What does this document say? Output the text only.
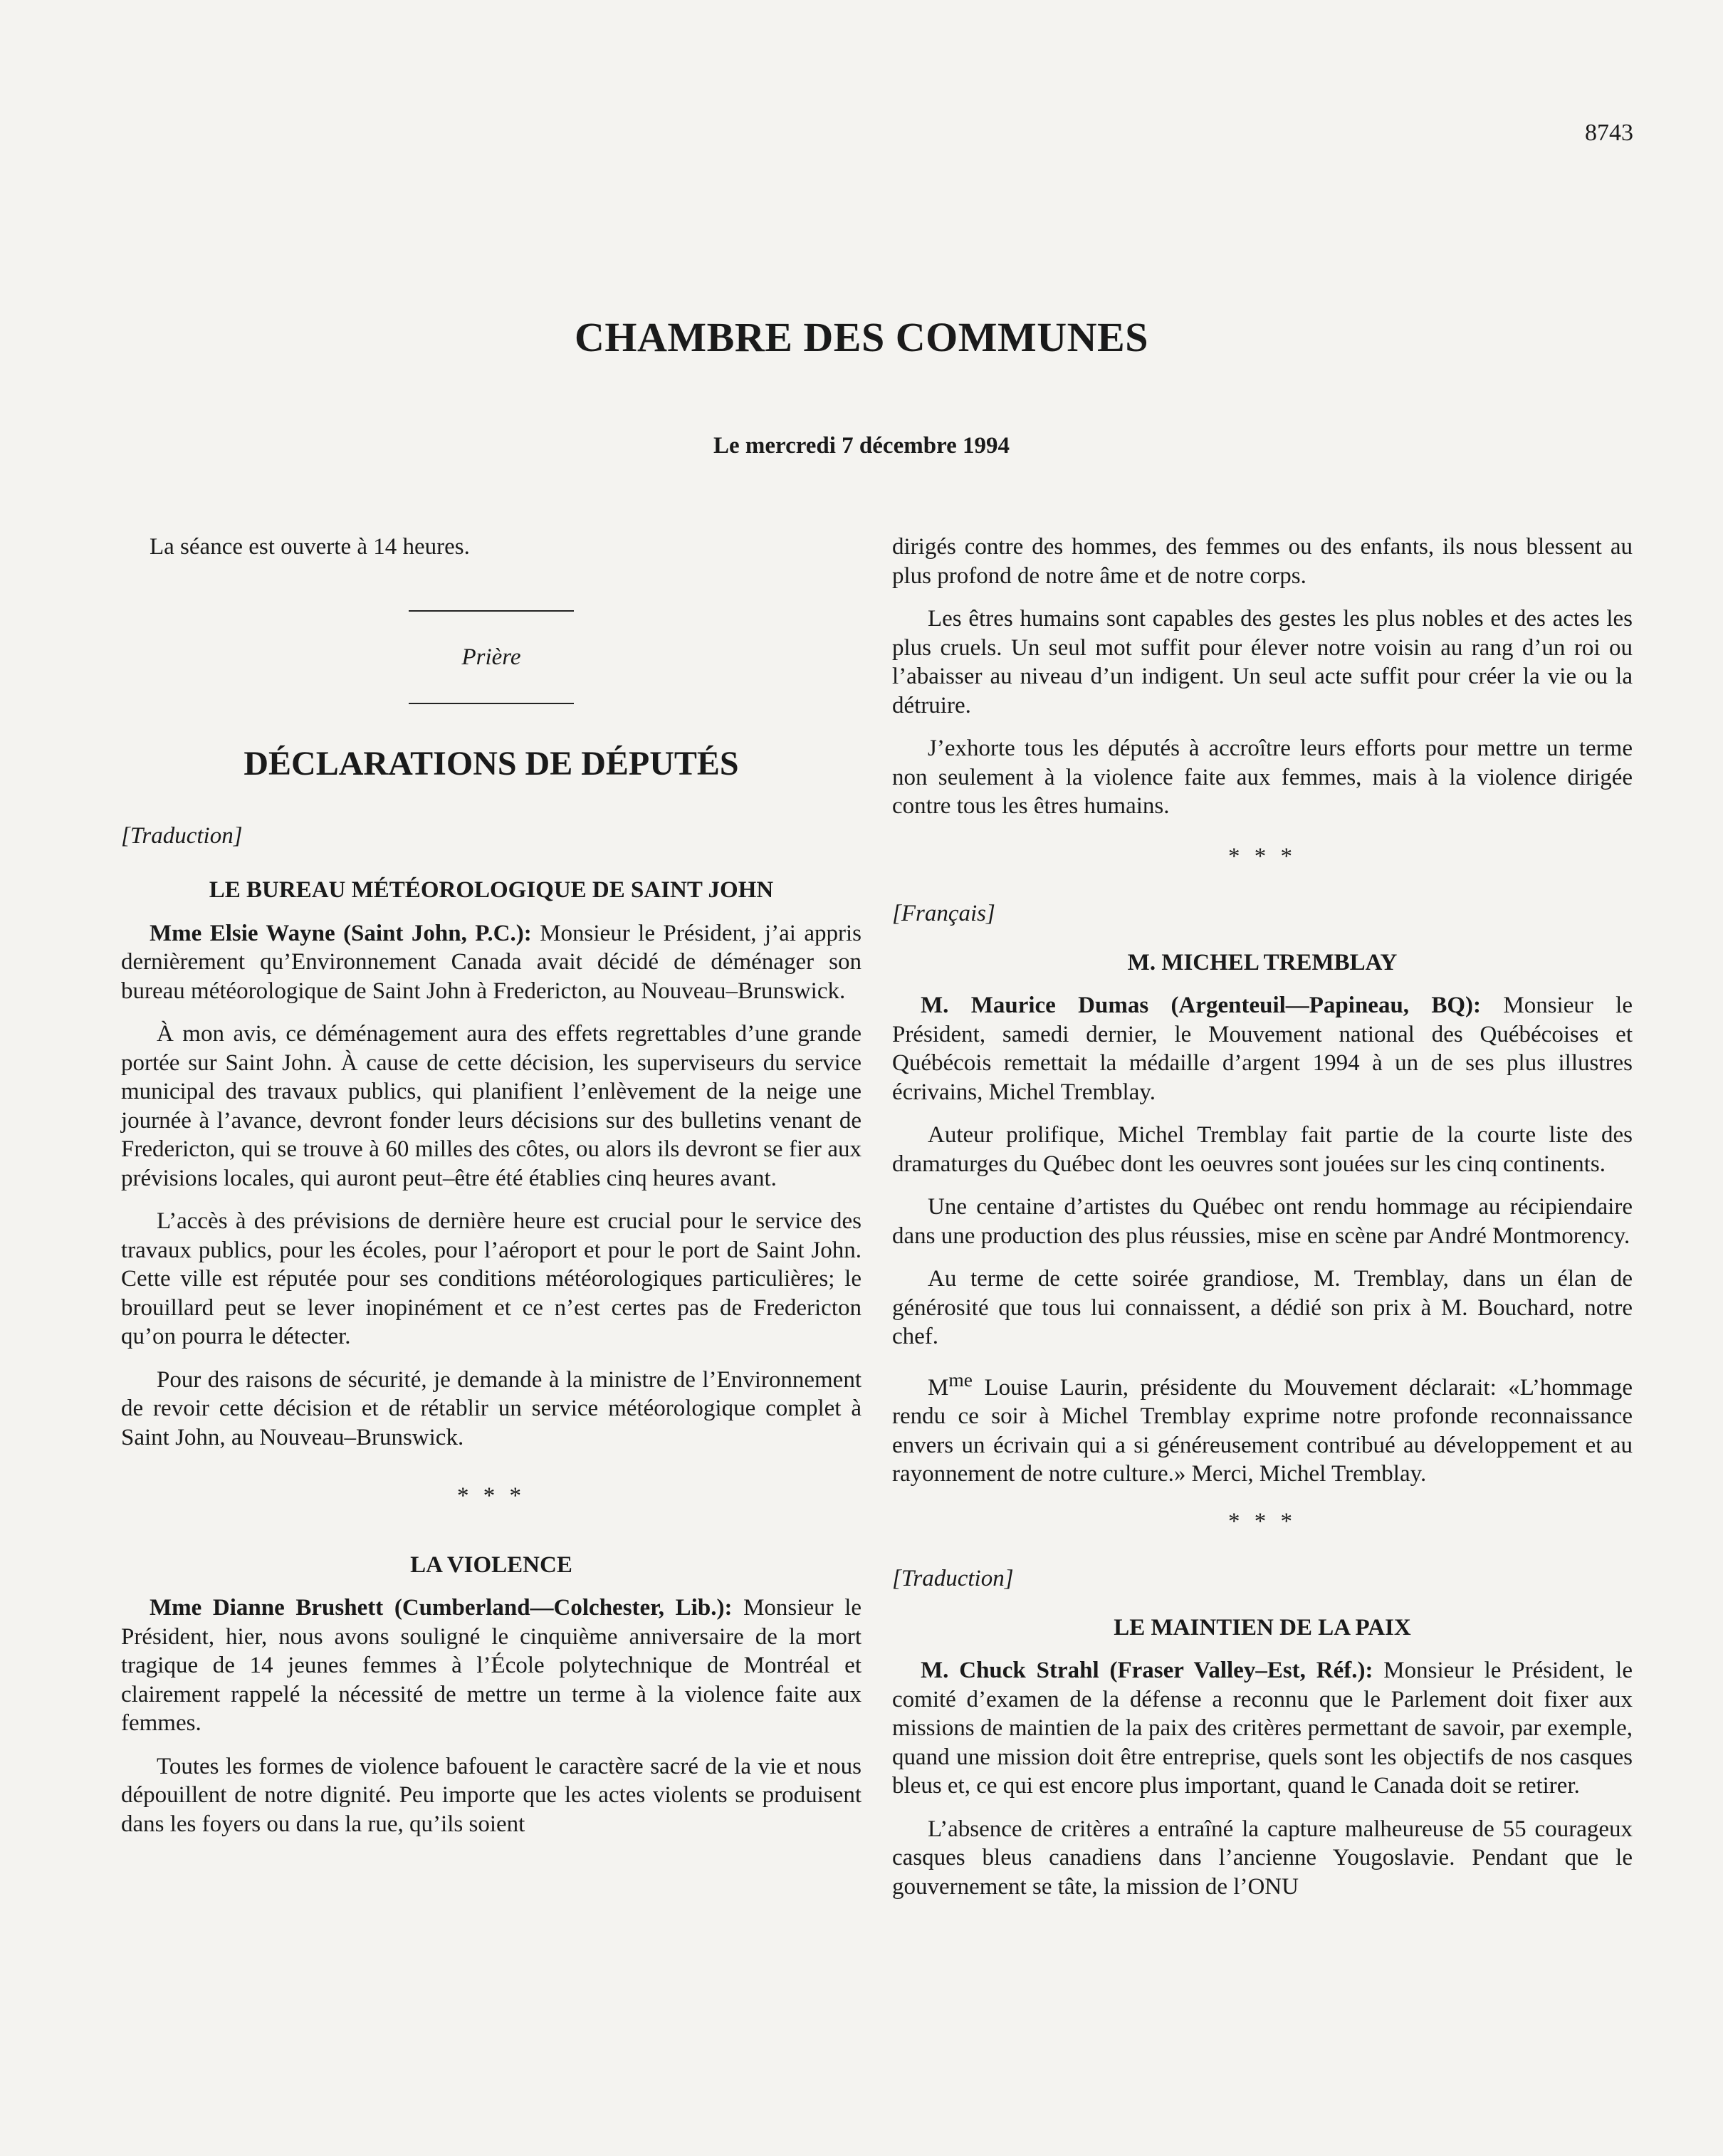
8743
CHAMBRE DES COMMUNES
Le mercredi 7 décembre 1994

La séance est ouverte à 14 heures.

Prière
DÉCLARATIONS DE DÉPUTÉS
[Traduction]
LE BUREAU MÉTÉOROLOGIQUE DE SAINT JOHN

Mme Elsie Wayne (Saint John, P.C.): Monsieur le Président, j’ai appris dernièrement qu’Environnement Canada avait décidé de déménager son bureau météorologique de Saint John à Fredericton, au Nouveau–Brunswick.

À mon avis, ce déménagement aura des effets regrettables d’une grande portée sur Saint John. À cause de cette décision, les superviseurs du service municipal des travaux publics, qui planifient l’enlèvement de la neige une journée à l’avance, devront fonder leurs décisions sur des bulletins venant de Fredericton, qui se trouve à 60 milles des côtes, ou alors ils devront se fier aux prévisions locales, qui auront peut–être été établies cinq heures avant.

L’accès à des prévisions de dernière heure est crucial pour le service des travaux publics, pour les écoles, pour l’aéroport et pour le port de Saint John. Cette ville est réputée pour ses conditions météorologiques particulières; le brouillard peut se lever inopinément et ce n’est certes pas de Fredericton qu’on pourra le détecter.

Pour des raisons de sécurité, je demande à la ministre de l’Environnement de revoir cette décision et de rétablir un service météorologique complet à Saint John, au Nouveau–Brunswick.

* * *
LA VIOLENCE

Mme Dianne Brushett (Cumberland—Colchester, Lib.): Monsieur le Président, hier, nous avons souligné le cinquième anniversaire de la mort tragique de 14 jeunes femmes à l’École polytechnique de Montréal et clairement rappelé la nécessité de mettre un terme à la violence faite aux femmes.

Toutes les formes de violence bafouent le caractère sacré de la vie et nous dépouillent de notre dignité. Peu importe que les actes violents se produisent dans les foyers ou dans la rue, qu’ils soient

dirigés contre des hommes, des femmes ou des enfants, ils nous blessent au plus profond de notre âme et de notre corps.

Les êtres humains sont capables des gestes les plus nobles et des actes les plus cruels. Un seul mot suffit pour élever notre voisin au rang d’un roi ou l’abaisser au niveau d’un indigent. Un seul acte suffit pour créer la vie ou la détruire.

J’exhorte tous les députés à accroître leurs efforts pour mettre un terme non seulement à la violence faite aux femmes, mais à la violence dirigée contre tous les êtres humains.

* * *
[Français]
M. MICHEL TREMBLAY

M. Maurice Dumas (Argenteuil—Papineau, BQ): Monsieur le Président, samedi dernier, le Mouvement national des Québécoises et Québécois remettait la médaille d’argent 1994 à un de ses plus illustres écrivains, Michel Tremblay.

Auteur prolifique, Michel Tremblay fait partie de la courte liste des dramaturges du Québec dont les oeuvres sont jouées sur les cinq continents.

Une centaine d’artistes du Québec ont rendu hommage au récipiendaire dans une production des plus réussies, mise en scène par André Montmorency.

Au terme de cette soirée grandiose, M. Tremblay, dans un élan de générosité que tous lui connaissent, a dédié son prix à M. Bouchard, notre chef.

$M^{me}$ Louise Laurin, présidente du Mouvement déclarait: «L’hommage rendu ce soir à Michel Tremblay exprime notre profonde reconnaissance envers un écrivain qui a si généreusement contribué au développement et au rayonnement de notre culture.» Merci, Michel Tremblay.

* * *
[Traduction]
LE MAINTIEN DE LA PAIX

M. Chuck Strahl (Fraser Valley–Est, Réf.): Monsieur le Président, le comité d’examen de la défense a reconnu que le Parlement doit fixer aux missions de maintien de la paix des critères permettant de savoir, par exemple, quand une mission doit être entreprise, quels sont les objectifs de nos casques bleus et, ce qui est encore plus important, quand le Canada doit se retirer.

L’absence de critères a entraîné la capture malheureuse de 55 courageux casques bleus canadiens dans l’ancienne Yougoslavie. Pendant que le gouvernement se tâte, la mission de l’ONU
